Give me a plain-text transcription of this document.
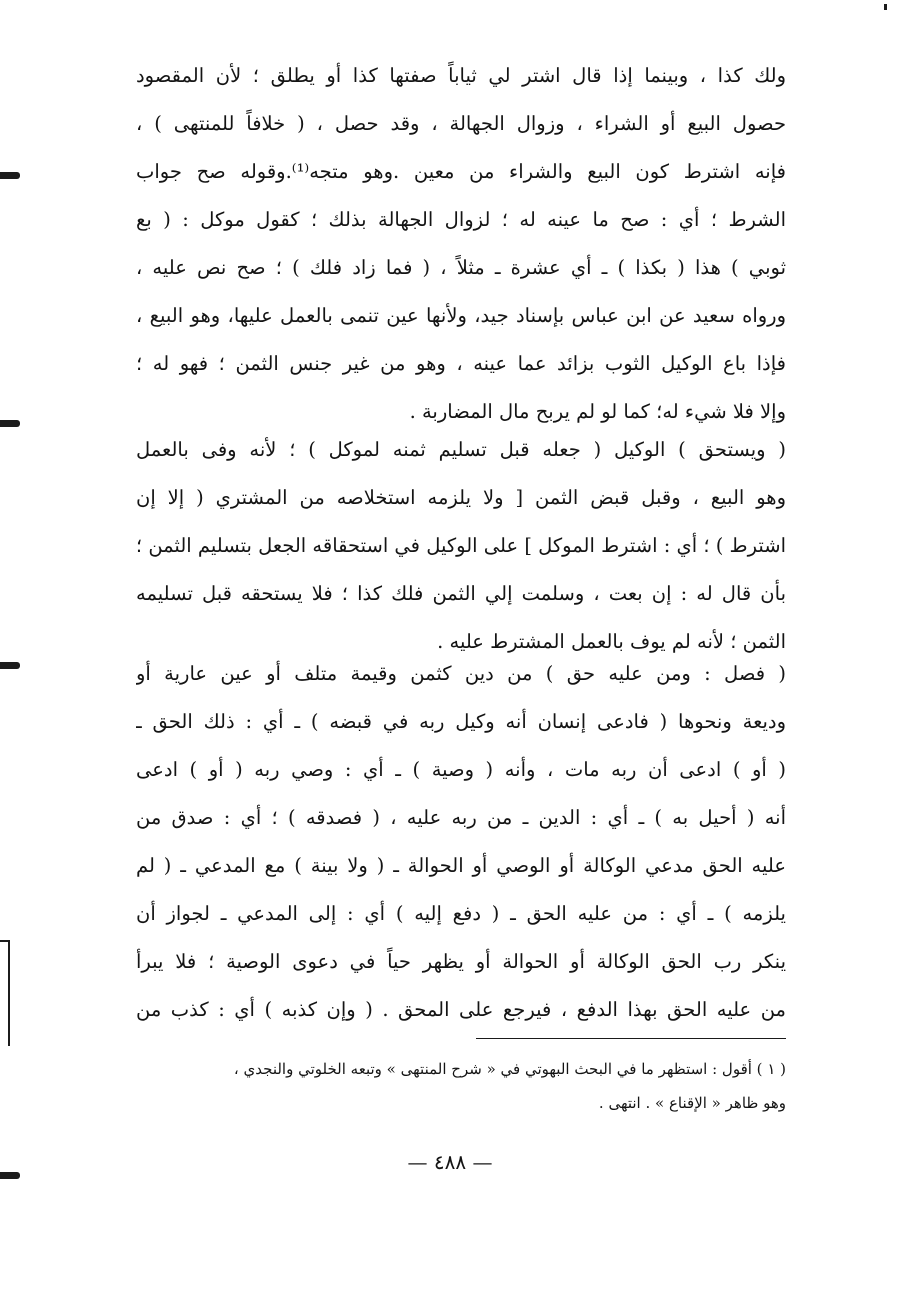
ولك كذا ، وبينما إذا قال اشتر لي ثياباً صفتها كذا أو يطلق ؛ لأن المقصود
حصول البيع أو الشراء ، وزوال الجهالة ، وقد حصل ، ( خلافاً للمنتهى ) ،
فإنه اشترط كون البيع والشراء من معين .وهو متجه⁽¹⁾.وقوله صح جواب
الشرط ؛ أي : صح ما عينه له ؛ لزوال الجهالة بذلك ؛ كقول موكل : ( بع
ثوبي ) هذا ( بكذا ) ـ أي عشرة ـ مثلاً ، ( فما زاد فلك ) ؛ صح نص عليه ،
ورواه سعيد عن ابن عباس بإسناد جيد، ولأنها عين تنمى بالعمل عليها، وهو البيع ،
فإذا باع الوكيل الثوب بزائد عما عينه ، وهو من غير جنس الثمن ؛ فهو له ؛
وإلا فلا شيء له؛ كما لو لم يربح مال المضاربة .
( ويستحق ) الوكيل ( جعله قبل تسليم ثمنه لموكل ) ؛ لأنه وفى بالعمل
وهو البيع ، وقبل قبض الثمن [ ولا يلزمه استخلاصه من المشتري ( إلا إن
اشترط ) ؛ أي : اشترط الموكل ] على الوكيل في استحقاقه الجعل بتسليم الثمن ؛
بأن قال له : إن بعت ، وسلمت إلي الثمن فلك كذا ؛ فلا يستحقه قبل تسليمه
الثمن ؛ لأنه لم يوف بالعمل المشترط عليه .
( فصل : ومن عليه حق ) من دين كثمن وقيمة متلف أو عين عارية أو
وديعة ونحوها ( فادعى إنسان أنه وكيل ربه في قبضه ) ـ أي : ذلك الحق ـ
( أو ) ادعى أن ربه مات ، وأنه ( وصية ) ـ أي : وصي ربه ( أو ) ادعى
أنه ( أحيل به ) ـ أي : الدين ـ من ربه عليه ، ( فصدقه ) ؛ أي : صدق من
عليه الحق مدعي الوكالة أو الوصي أو الحوالة ـ ( ولا بينة ) مع المدعي ـ ( لم
يلزمه ) ـ أي : من عليه الحق ـ ( دفع إليه ) أي : إلى المدعي ـ لجواز أن
ينكر رب الحق الوكالة أو الحوالة أو يظهر حياً في دعوى الوصية ؛ فلا يبرأ
من عليه الحق بهذا الدفع ، فيرجع على المحق . ( وإن كذبه ) أي : كذب من
( ١ ) أقول : استظهر ما في البحث البهوتي في « شرح المنتهى » وتبعه الخلوتي والنجدي ،
وهو ظاهر « الإقناع » . انتهى .
— ٤٨٨ —
